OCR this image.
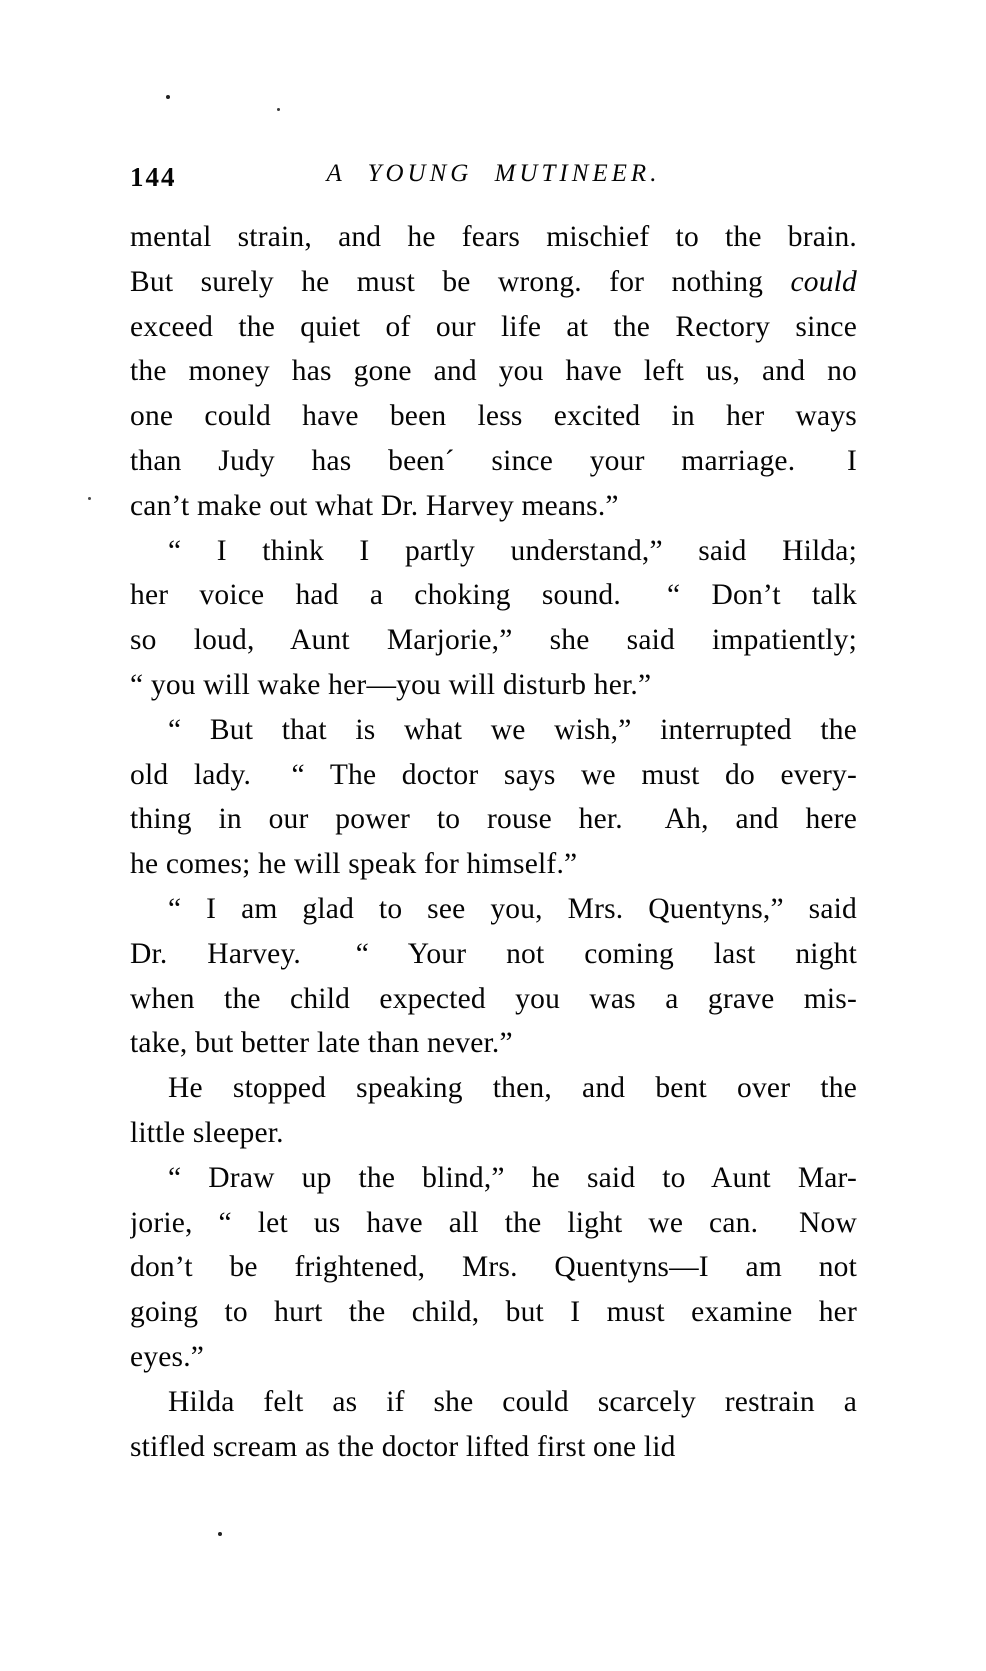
144	A YOUNG MUTINEER.
mental strain, and he fears mischief to the brain.
But surely he must be wrong. for nothing could
exceed the quiet of our life at the Rectory since
the money has gone and you have left us, and no
one could have been less excited in her ways
than Judy has been´ since your marriage.  I
can’t make out what Dr. Harvey means.”
“ I think I partly understand,” said Hilda;
her voice had a choking sound.  “ Don’t talk
so loud, Aunt Marjorie,” she said impatiently;
“ you will wake her—you will disturb her.”
“ But that is what we wish,” interrupted the
old lady.  “ The doctor says we must do every-
thing in our power to rouse her.  Ah, and here
he comes; he will speak for himself.”
“ I am glad to see you, Mrs. Quentyns,” said
Dr. Harvey.  “ Your not coming last night
when the child expected you was a grave mis-
take, but better late than never.”
He stopped speaking then, and bent over the
little sleeper.
“ Draw up the blind,” he said to Aunt Mar-
jorie, “ let us have all the light we can.  Now
don’t be frightened, Mrs. Quentyns—I am not
going to hurt the child, but I must examine her
eyes.”
Hilda felt as if she could scarcely restrain a
stifled scream as the doctor lifted first one lid
